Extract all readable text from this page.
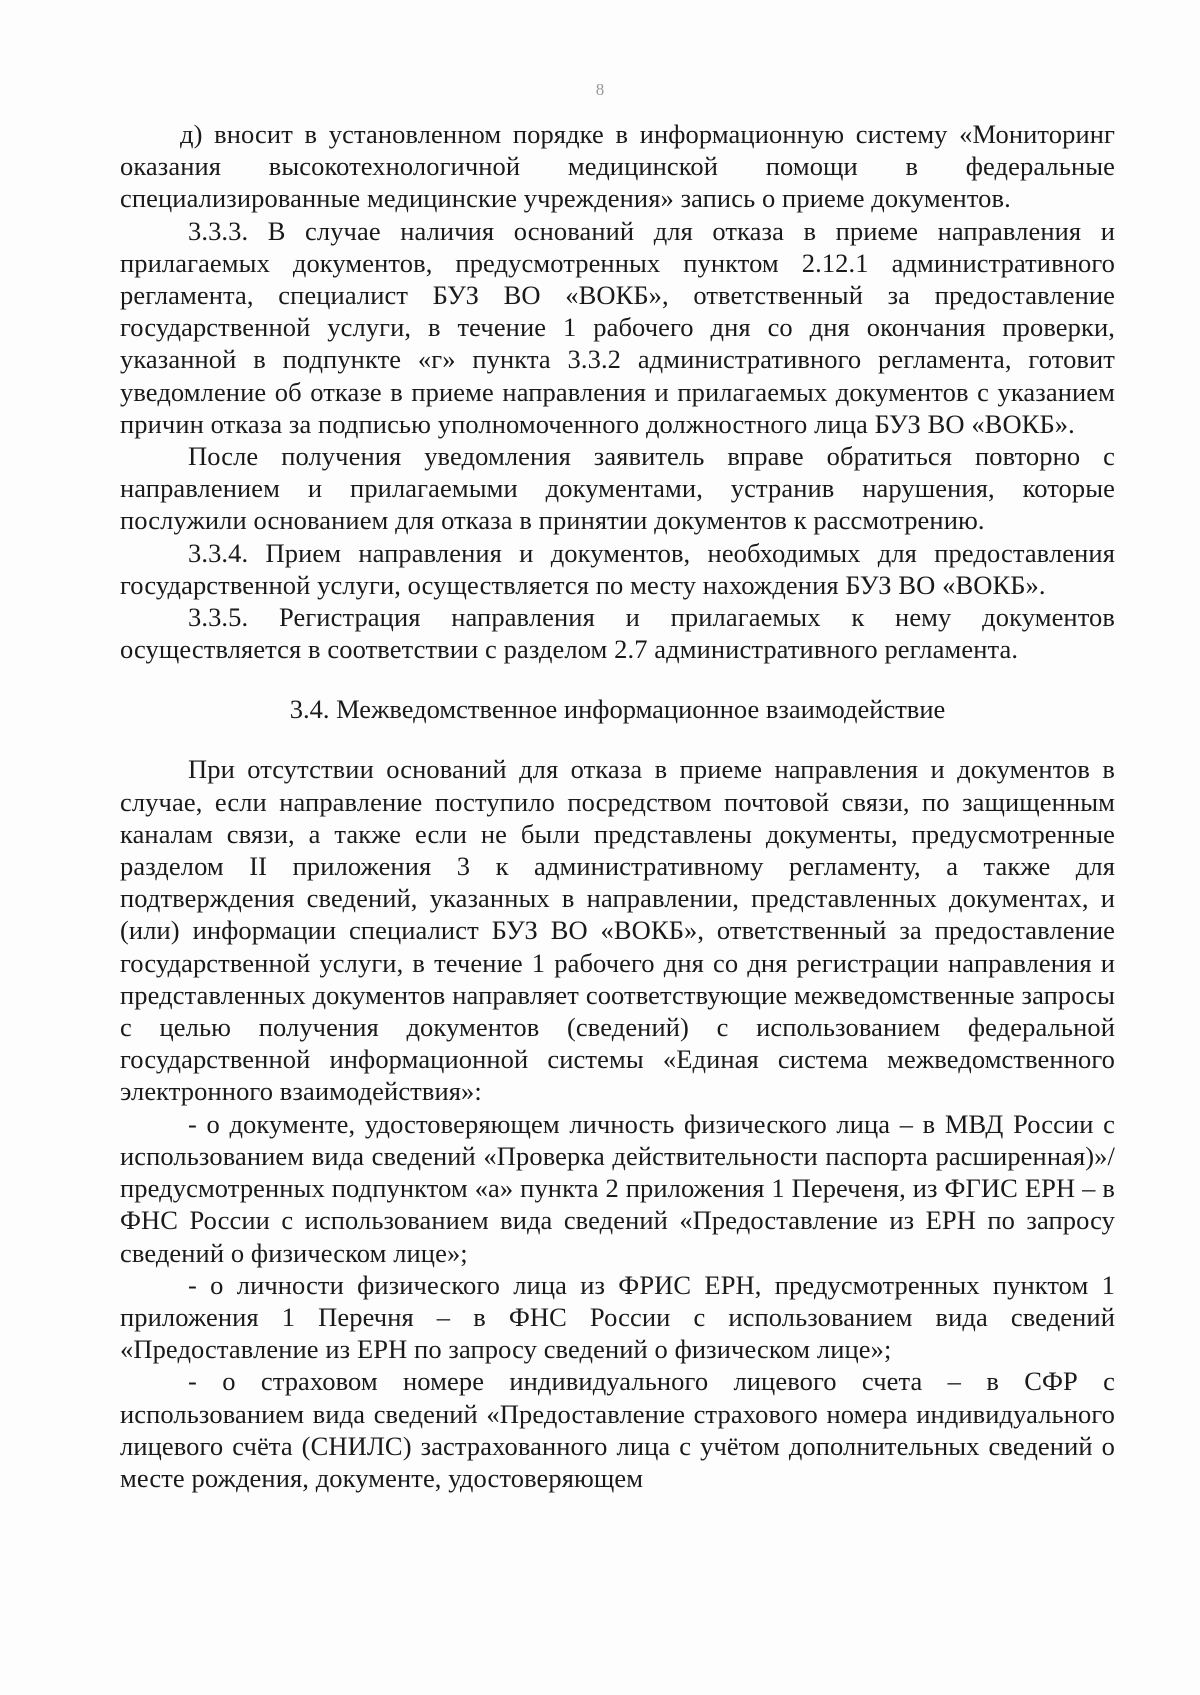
8

д) вносит в установленном порядке в информационную систему «Мониторинг оказания высокотехнологичной медицинской помощи в федеральные специализированные медицинские учреждения» запись о приеме документов.

3.3.3. В случае наличия оснований для отказа в приеме направления и прилагаемых документов, предусмотренных пунктом 2.12.1 административного регламента, специалист БУЗ ВО «ВОКБ», ответственный за предоставление государственной услуги, в течение 1 рабочего дня со дня окончания проверки, указанной в подпункте «г» пункта 3.3.2 административного регламента, готовит уведомление об отказе в приеме направления и прилагаемых документов с указанием причин отказа за подписью уполномоченного должностного лица БУЗ ВО «ВОКБ».

После получения уведомления заявитель вправе обратиться повторно с направлением и прилагаемыми документами, устранив нарушения, которые послужили основанием для отказа в принятии документов к рассмотрению.

3.3.4. Прием направления и документов, необходимых для предоставления государственной услуги, осуществляется по месту нахождения БУЗ ВО «ВОКБ».

3.3.5. Регистрация направления и прилагаемых к нему документов осуществляется в соответствии с разделом 2.7 административного регламента.

3.4. Межведомственное информационное взаимодействие

При отсутствии оснований для отказа в приеме направления и документов в случае, если направление поступило посредством почтовой связи, по защищенным каналам связи, а также если не были представлены документы, предусмотренные разделом II приложения 3 к административному регламенту, а также для подтверждения сведений, указанных в направлении, представленных документах, и (или) информации специалист БУЗ ВО «ВОКБ», ответственный за предоставление государственной услуги, в течение 1 рабочего дня со дня регистрации направления и представленных документов направляет соответствующие межведомственные запросы с целью получения документов (сведений) с использованием федеральной государственной информационной системы «Единая система межведомственного электронного взаимодействия»:

- о документе, удостоверяющем личность физического лица – в МВД России с использованием вида сведений «Проверка действительности паспорта расширенная)»/предусмотренных подпунктом «а» пункта 2 приложения 1 Переченя, из ФГИС ЕРН – в ФНС России с использованием вида сведений «Предоставление из ЕРН по запросу сведений о физическом лице»;

- о личности физического лица из ФРИС ЕРН, предусмотренных пунктом 1 приложения 1 Перечня – в ФНС России с использованием вида сведений «Предоставление из ЕРН по запросу сведений о физическом лице»;

- о страховом номере индивидуального лицевого счета – в СФР с использованием вида сведений «Предоставление страхового номера индивидуального лицевого счёта (СНИЛС) застрахованного лица с учётом дополнительных сведений о месте рождения, документе, удостоверяющем
